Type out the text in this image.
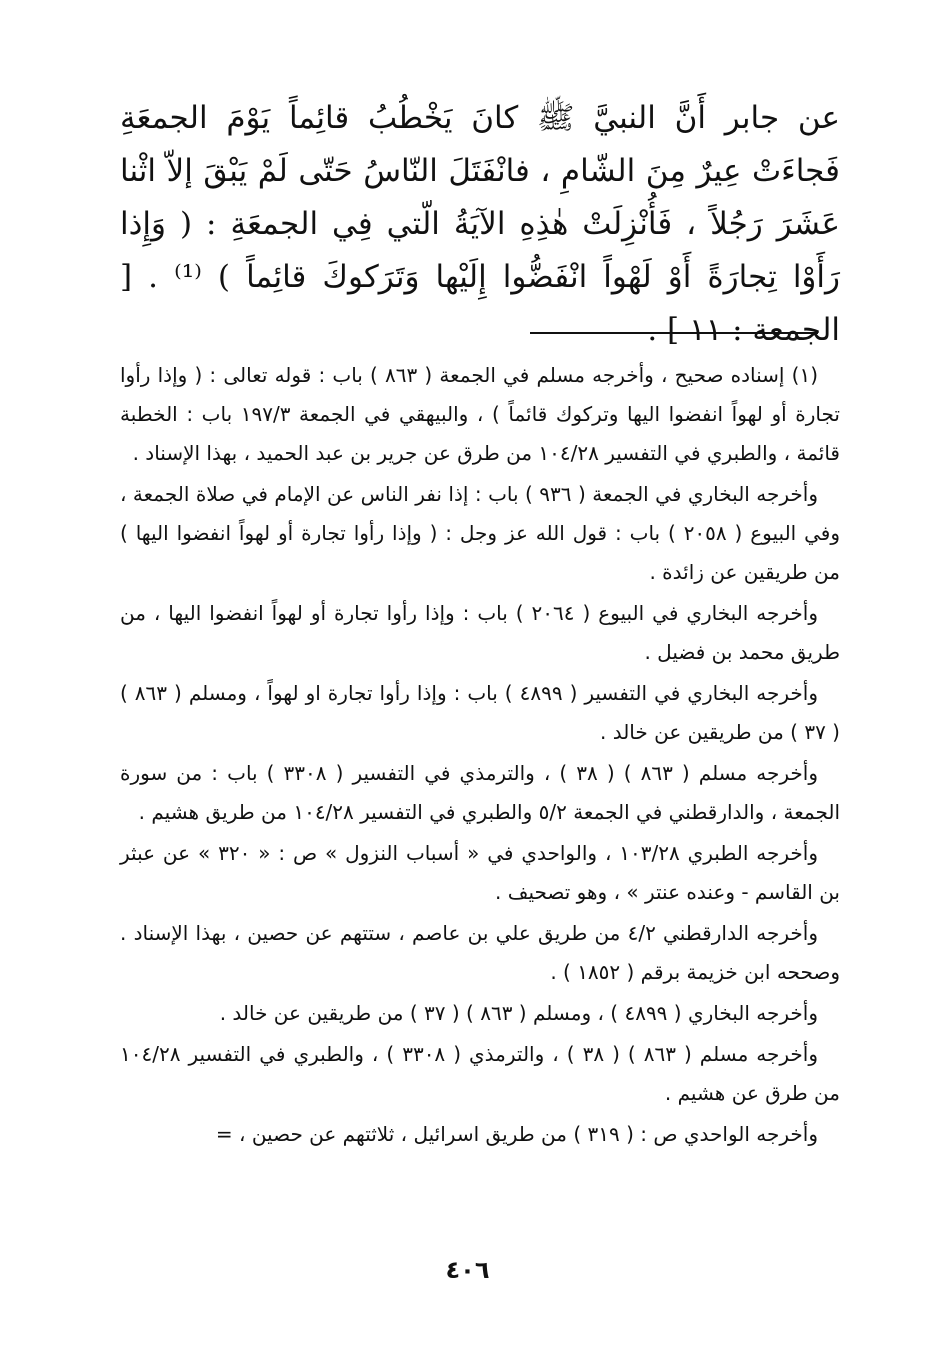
عن جابر أَنَّ النبيَّ ﷺ كانَ يَخْطُبُ قائِماً يَوْمَ الجمعَةِ فَجاءَتْ عِيرٌ مِنَ الشّامِ ، فانْفَتَلَ النّاسُ حَتّى لَمْ يَبْقَ إلاّ اثْنا عَشَرَ رَجُلاً ، فَأُنْزِلَتْ هٰذِهِ الآيَةُ الّتي فِي الجمعَةِ : ( وَإِذا رَأَوْا تِجارَةً أَوْ لَهْواً انْفَضُّوا إِلَيْها وَتَرَكوكَ قائِماً ) ⁽¹⁾ . [ الجمعة : ١١ ] .

(١) إسناده صحيح ، وأخرجه مسلم في الجمعة ( ٨٦٣ ) باب : قوله تعالى : ( وإذا رأوا تجارة أو لهواً انفضوا اليها وتركوك قائماً ) ، والبيهقي في الجمعة ١٩٧/٣ باب : الخطبة قائمة ، والطبري في التفسير ١٠٤/٢٨ من طرق عن جرير بن عبد الحميد ، بهذا الإسناد .

وأخرجه البخاري في الجمعة ( ٩٣٦ ) باب : إذا نفر الناس عن الإمام في صلاة الجمعة ، وفي البيوع ( ٢٠٥٨ ) باب : قول الله عز وجل : ( وإذا رأوا تجارة أو لهواً انفضوا اليها ) من طريقين عن زائدة .

وأخرجه البخاري في البيوع ( ٢٠٦٤ ) باب : وإذا رأوا تجارة أو لهواً انفضوا اليها ، من طريق محمد بن فضيل .

وأخرجه البخاري في التفسير ( ٤٨٩٩ ) باب : وإذا رأوا تجارة او لهواً ، ومسلم ( ٨٦٣ ) ( ٣٧ ) من طريقين عن خالد .

وأخرجه مسلم ( ٨٦٣ ) ( ٣٨ ) ، والترمذي في التفسير ( ٣٣٠٨ ) باب : من سورة الجمعة ، والدارقطني في الجمعة ٥/٢ والطبري في التفسير ١٠٤/٢٨ من طريق هشيم .

وأخرجه الطبري ١٠٣/٢٨ ، والواحدي في « أسباب النزول » ص : « ٣٢٠ » عن عبثر بن القاسم - وعنده عنتر » ، وهو تصحيف .

وأخرجه الدارقطني ٤/٢ من طريق علي بن عاصم ، ستتهم عن حصين ، بهذا الإسناد . وصححه ابن خزيمة برقم ( ١٨٥٢ ) .

وأخرجه البخاري ( ٤٨٩٩ ) ، ومسلم ( ٨٦٣ ) ( ٣٧ ) من طريقين عن خالد .

وأخرجه مسلم ( ٨٦٣ ) ( ٣٨ ) ، والترمذي ( ٣٣٠٨ ) ، والطبري في التفسير ١٠٤/٢٨ من طرق عن هشيم .

وأخرجه الواحدي ص : ( ٣١٩ ) من طريق اسرائيل ، ثلاثتهم عن حصين ، =

٤٠٦
